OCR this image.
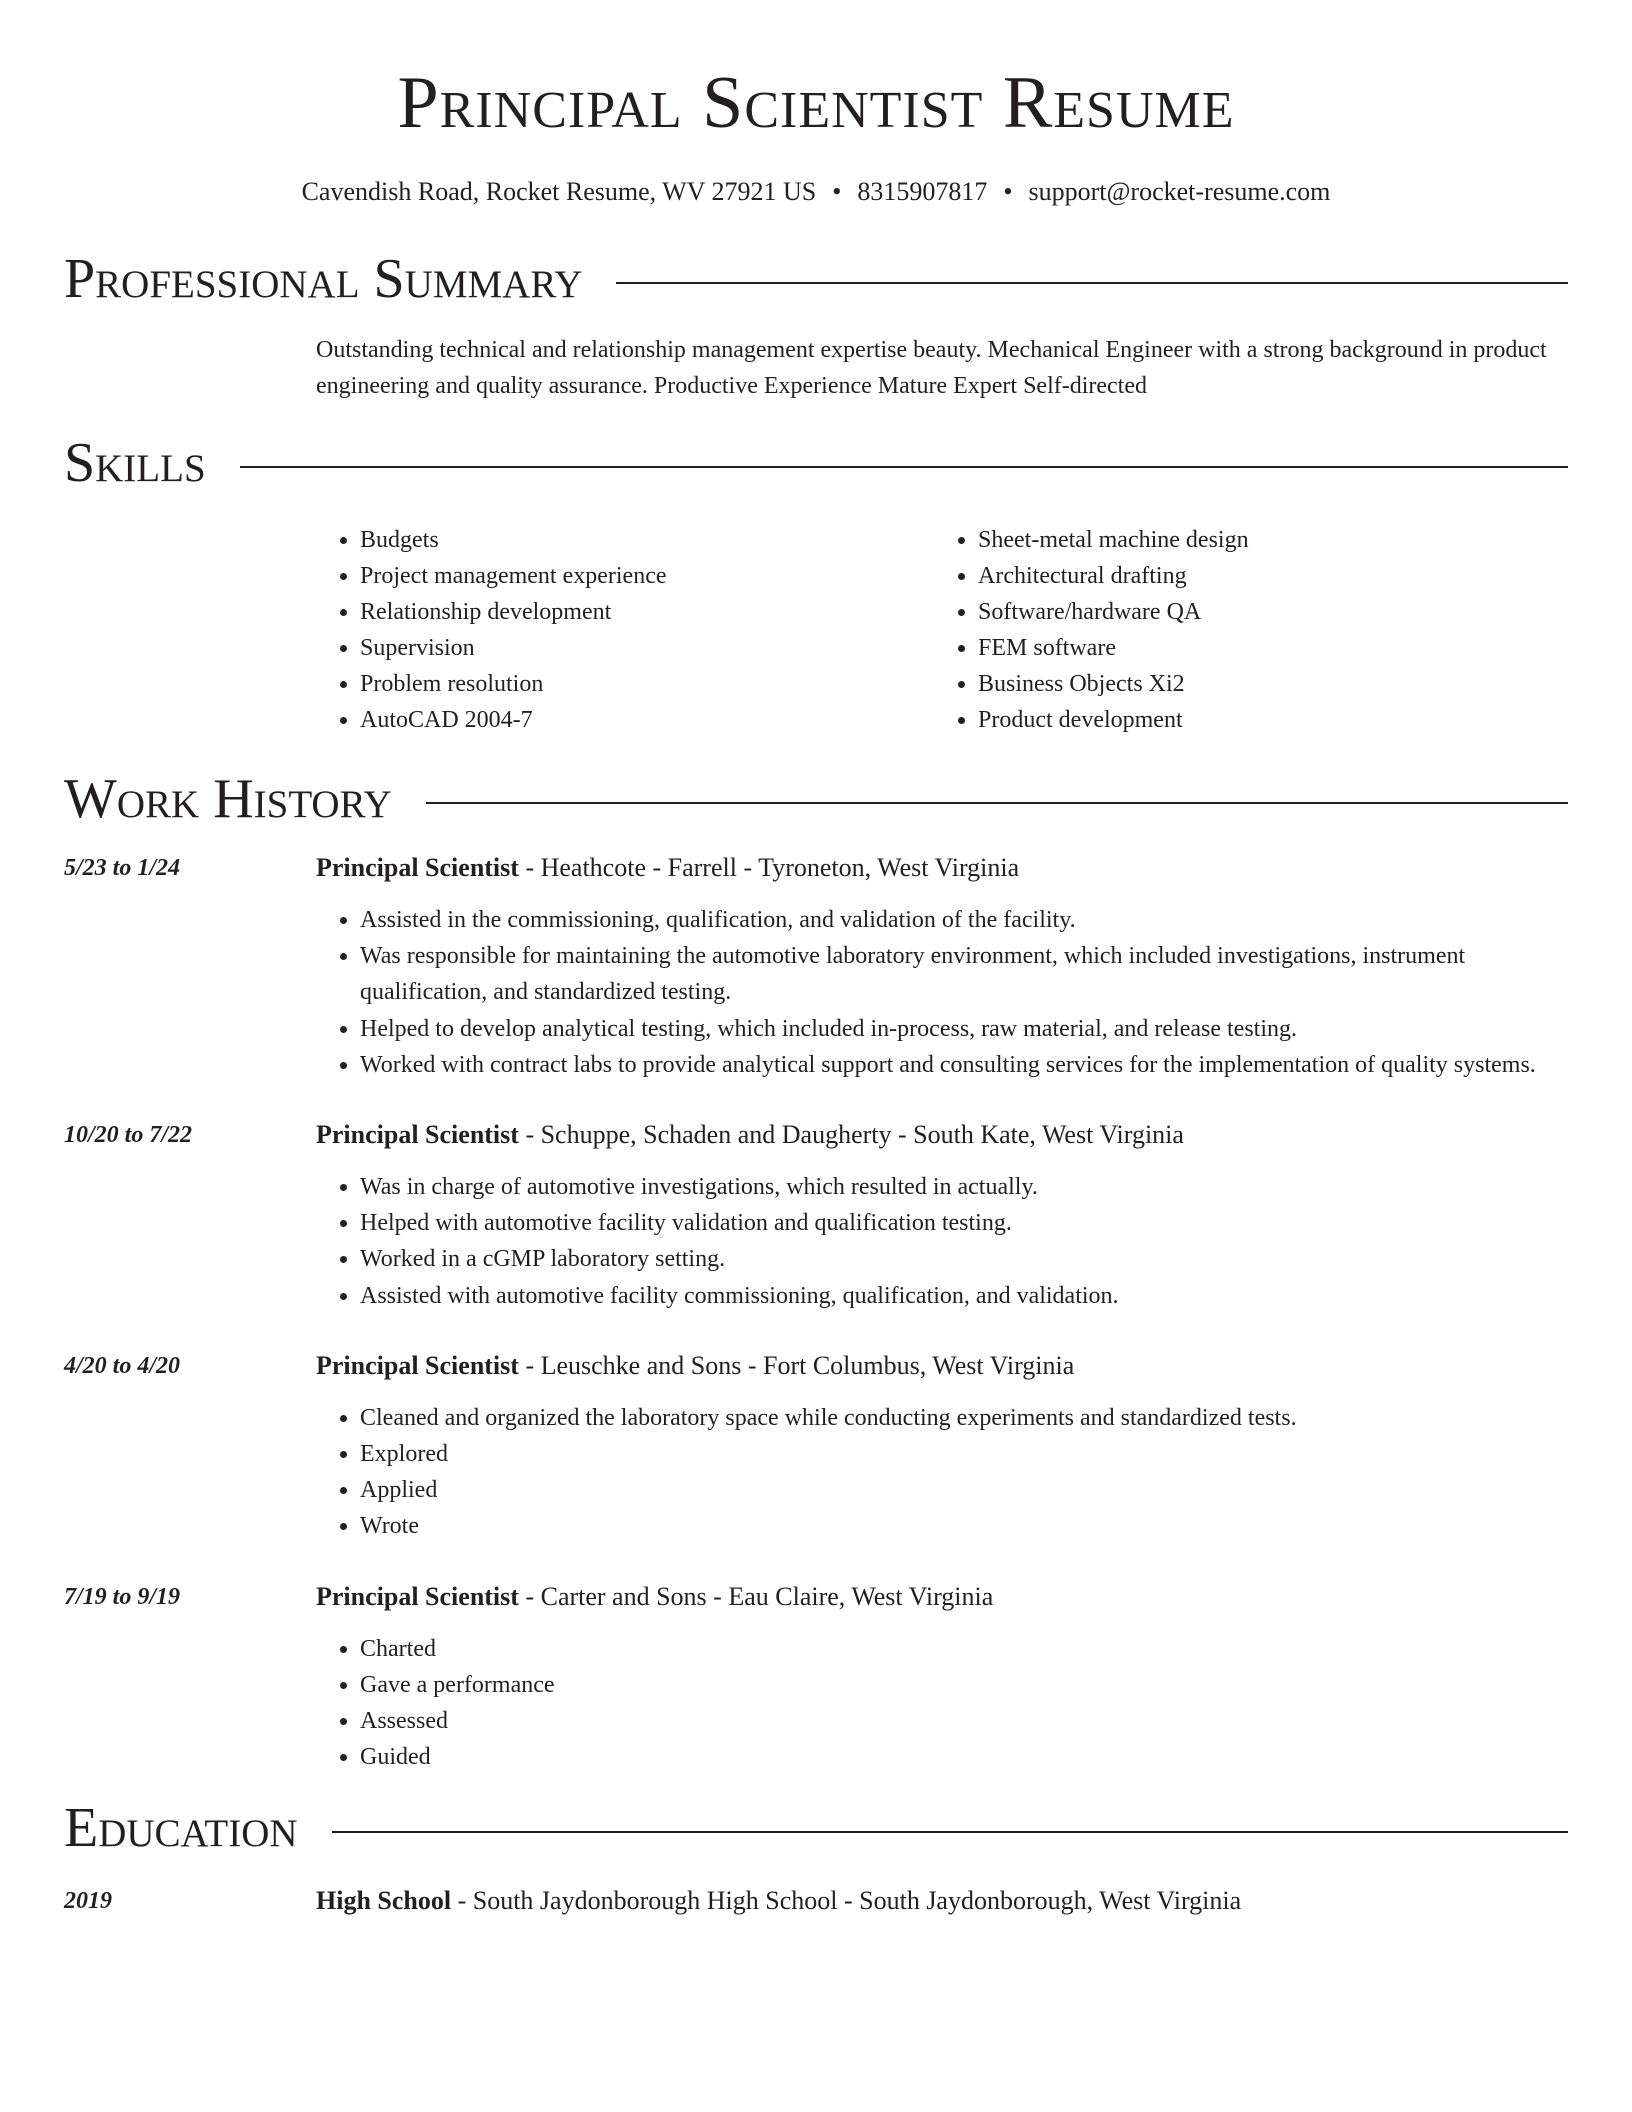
Principal Scientist Resume
Cavendish Road, Rocket Resume, WV 27921 US • 8315907817 • support@rocket-resume.com
Professional Summary
Outstanding technical and relationship management expertise beauty. Mechanical Engineer with a strong background in product engineering and quality assurance. Productive Experience Mature Expert Self-directed
Skills
• Budgets
• Project management experience
• Relationship development
• Supervision
• Problem resolution
• AutoCAD 2004-7
• Sheet-metal machine design
• Architectural drafting
• Software/hardware QA
• FEM software
• Business Objects Xi2
• Product development
Work History
5/23 to 1/24	Principal Scientist - Heathcote - Farrell - Tyroneton, West Virginia
• Assisted in the commissioning, qualification, and validation of the facility.
• Was responsible for maintaining the automotive laboratory environment, which included investigations, instrument qualification, and standardized testing.
• Helped to develop analytical testing, which included in-process, raw material, and release testing.
• Worked with contract labs to provide analytical support and consulting services for the implementation of quality systems.
10/20 to 7/22	Principal Scientist - Schuppe, Schaden and Daugherty - South Kate, West Virginia
• Was in charge of automotive investigations, which resulted in actually.
• Helped with automotive facility validation and qualification testing.
• Worked in a cGMP laboratory setting.
• Assisted with automotive facility commissioning, qualification, and validation.
4/20 to 4/20	Principal Scientist - Leuschke and Sons - Fort Columbus, West Virginia
• Cleaned and organized the laboratory space while conducting experiments and standardized tests.
• Explored
• Applied
• Wrote
7/19 to 9/19	Principal Scientist - Carter and Sons - Eau Claire, West Virginia
• Charted
• Gave a performance
• Assessed
• Guided
Education
2019	High School - South Jaydonborough High School - South Jaydonborough, West Virginia
